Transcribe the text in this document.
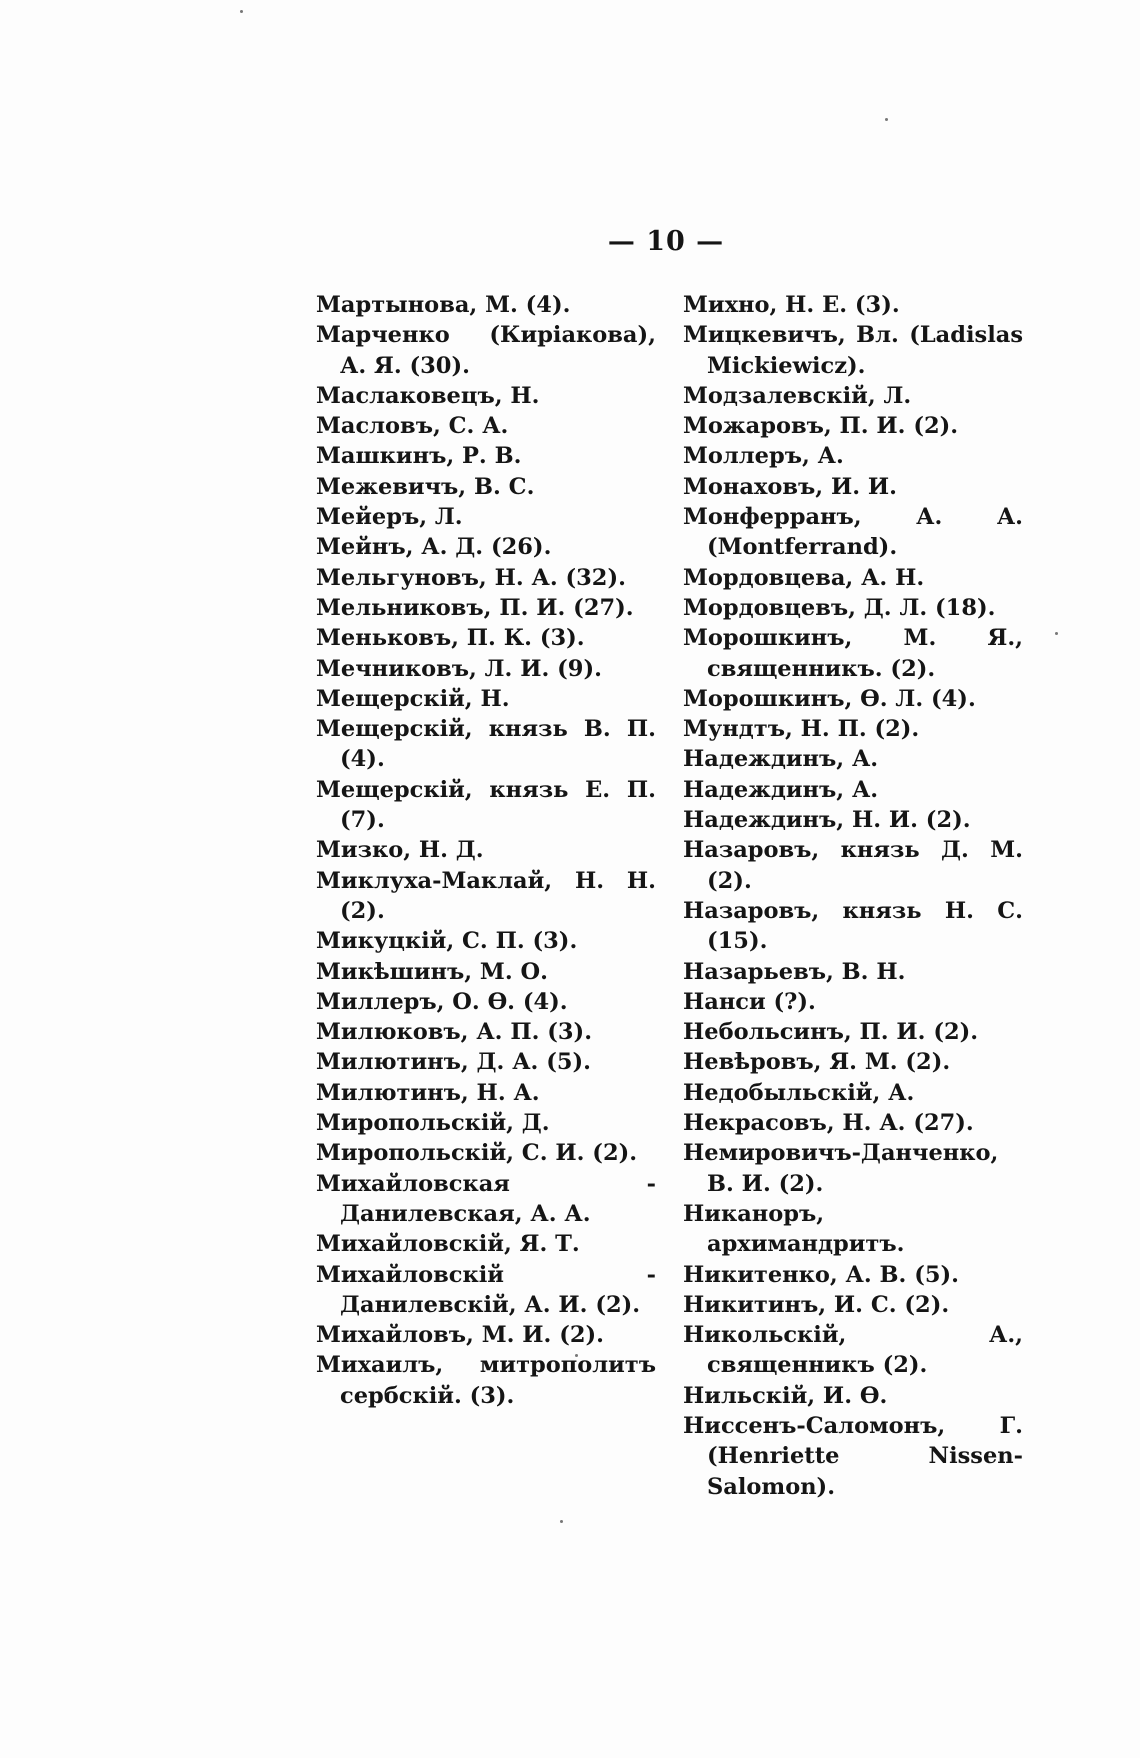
— 10 —
Мартынова, М. (4).
Марченко (Киріакова), А. Я. (30).
Маслаковецъ, Н.
Масловъ, С. А.
Машкинъ, Р. В.
Межевичъ, В. С.
Мейеръ, Л.
Мейнъ, А. Д. (26).
Мельгуновъ, Н. А. (32).
Мельниковъ, П. И. (27).
Меньковъ, П. К. (3).
Мечниковъ, Л. И. (9).
Мещерскій, Н.
Мещерскій, князь В. П. (4).
Мещерскій, князь Е. П. (7).
Мизко, Н. Д.
Миклуха-Маклай, Н. Н. (2).
Микуцкій, С. П. (3).
Микѣшинъ, М. О.
Миллеръ, О. Ѳ. (4).
Милюковъ, А. П. (3).
Милютинъ, Д. А. (5).
Милютинъ, Н. А.
Миропольскій, Д.
Миропольскій, С. И. (2).
Михайловская - Данилевская, А. А.
Михайловскій, Я. Т.
Михайловскій - Данилевскій, А. И. (2).
Михайловъ, М. И. (2).
Михаилъ, митрополитъ сербскій. (3).
Михно, Н. Е. (3).
Мицкевичъ, Вл. (Ladislas Mickiewicz).
Модзалевскій, Л.
Можаровъ, П. И. (2).
Моллеръ, А.
Монаховъ, И. И.
Монферранъ, А. А. (Montferrand).
Мордовцева, А. Н.
Мордовцевъ, Д. Л. (18).
Морошкинъ, М. Я., священникъ. (2).
Морошкинъ, Ѳ. Л. (4).
Мундтъ, Н. П. (2).
Надеждинъ, А.
Надеждинъ, А.
Надеждинъ, Н. И. (2).
Назаровъ, князь Д. М. (2).
Назаровъ, князь Н. С. (15).
Назарьевъ, В. Н.
Нанси (?).
Небольсинъ, П. И. (2).
Невѣровъ, Я. М. (2).
Недобыльскій, А.
Некрасовъ, Н. А. (27).
Немировичъ-Данченко, В. И. (2).
Никаноръ, архимандритъ.
Никитенко, А. В. (5).
Никитинъ, И. С. (2).
Никольскій, А., священникъ (2).
Нильскій, И. Ѳ.
Ниссенъ-Саломонъ, Г. (Henriette Nissen-Salomon).
